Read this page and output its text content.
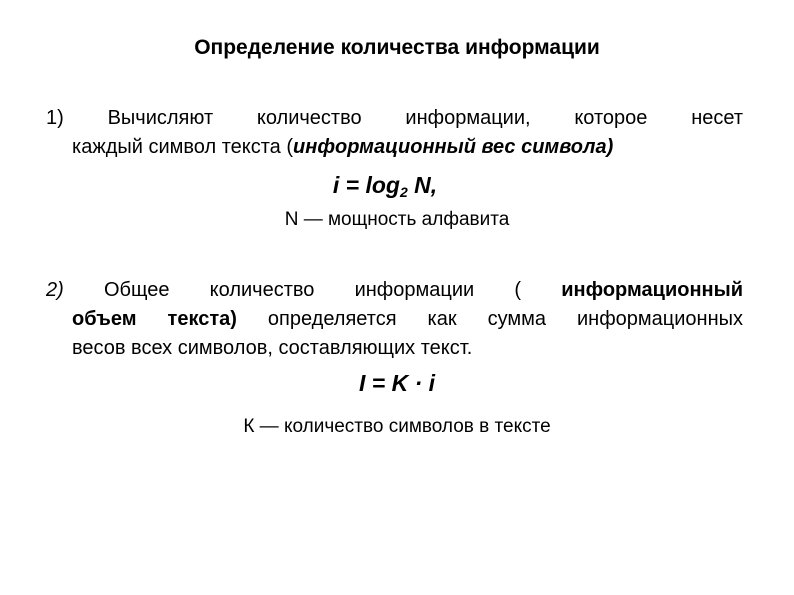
Определение количества информации
1) Вычисляют количество информации, которое несет
каждый символ текста (информационный вес символа)
$i = \log_2 N$,
N — мощность алфавита
2) Общее количество информации ( информационный
объем текста) определяется как сумма информационных
весов всех символов, составляющих текст.
I = K · i
К — количество символов в тексте
